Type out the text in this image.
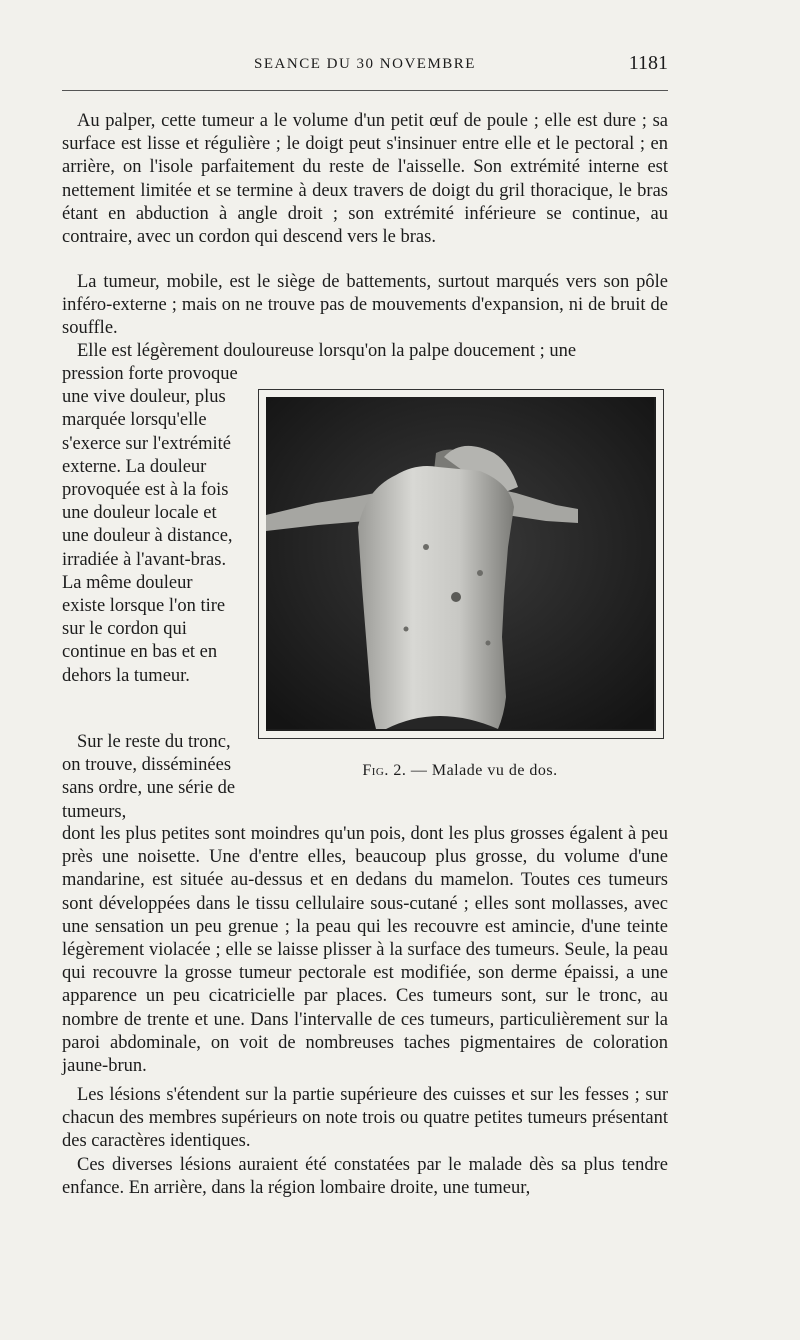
SEANCE DU 30 NOVEMBRE	1181

Au palper, cette tumeur a le volume d'un petit œuf de poule ; elle est dure ; sa surface est lisse et régulière ; le doigt peut s'insinuer entre elle et le pectoral ; en arrière, on l'isole parfaitement du reste de l'aisselle. Son extrémité interne est nettement limitée et se termine à deux travers de doigt du gril thoracique, le bras étant en abduction à angle droit ; son extrémité inférieure se continue, au contraire, avec un cordon qui descend vers le bras.

La tumeur, mobile, est le siège de battements, surtout marqués vers son pôle inféro-externe ; mais on ne trouve pas de mouvements d'expansion, ni de bruit de souffle.

Elle est légèrement douloureuse lorsqu'on la palpe doucement ; une

pression forte provoque une vive douleur, plus marquée lorsqu'elle s'exerce sur l'extrémité externe. La douleur provoquée est à la fois une douleur locale et une douleur à distance, irradiée à l'avant-bras. La même douleur existe lorsque l'on tire sur le cordon qui continue en bas et en dehors la tumeur.

Sur le reste du tronc, on trouve, disséminées sans ordre, une série de tumeurs,

dont les plus petites sont moindres qu'un pois, dont les plus grosses égalent à peu près une noisette. Une d'entre elles, beaucoup plus grosse, du volume d'une mandarine, est située au-dessus et en dedans du mamelon. Toutes ces tumeurs sont développées dans le tissu cellulaire sous-cutané ; elles sont mollasses, avec une sensation un peu grenue ; la peau qui les recouvre est amincie, d'une teinte légèrement violacée ; elle se laisse plisser à la surface des tumeurs. Seule, la peau qui recouvre la grosse tumeur pectorale est modifiée, son derme épaissi, a une apparence un peu cicatricielle par places. Ces tumeurs sont, sur le tronc, au nombre de trente et une. Dans l'intervalle de ces tumeurs, particulièrement sur la paroi abdominale, on voit de nombreuses taches pigmentaires de coloration jaune-brun.

Les lésions s'étendent sur la partie supérieure des cuisses et sur les fesses ; sur chacun des membres supérieurs on note trois ou quatre petites tumeurs présentant des caractères identiques.

Ces diverses lésions auraient été constatées par le malade dès sa plus tendre enfance. En arrière, dans la région lombaire droite, une tumeur,

Fig. 2. — Malade vu de dos.
